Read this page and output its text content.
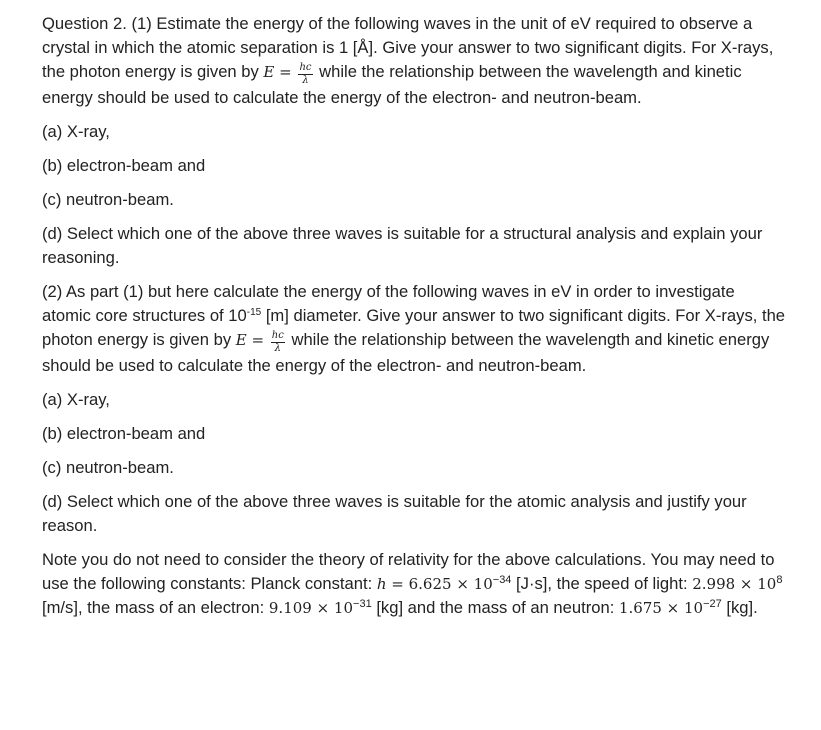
Question 2. (1) Estimate the energy of the following waves in the unit of eV required to observe a crystal in which the atomic separation is 1 [Å]. Give your answer to two significant digits. For X-rays, the photon energy is given by $E = \frac{hc}{\lambda}$ while the relationship between the wavelength and kinetic energy should be used to calculate the energy of the electron- and neutron-beam.

(a) X-ray,

(b) electron-beam and

(c) neutron-beam.

(d) Select which one of the above three waves is suitable for a structural analysis and explain your reasoning.

(2) As part (1) but here calculate the energy of the following waves in eV in order to investigate atomic core structures of $10^{-15}$ [m] diameter. Give your answer to two significant digits. For X-rays, the photon energy is given by $E = \frac{hc}{\lambda}$ while the relationship between the wavelength and kinetic energy should be used to calculate the energy of the electron- and neutron-beam.

(a) X-ray,

(b) electron-beam and

(c) neutron-beam.

(d) Select which one of the above three waves is suitable for the atomic analysis and justify your reason.

Note you do not need to consider the theory of relativity for the above calculations. You may need to use the following constants: Planck constant: $h = 6.625 \times 10^{-34}$ [J·s], the speed of light: $2.998 \times 10^8$ [m/s], the mass of an electron: $9.109 \times 10^{-31}$ [kg] and the mass of an neutron: $1.675 \times 10^{-27}$ [kg].
